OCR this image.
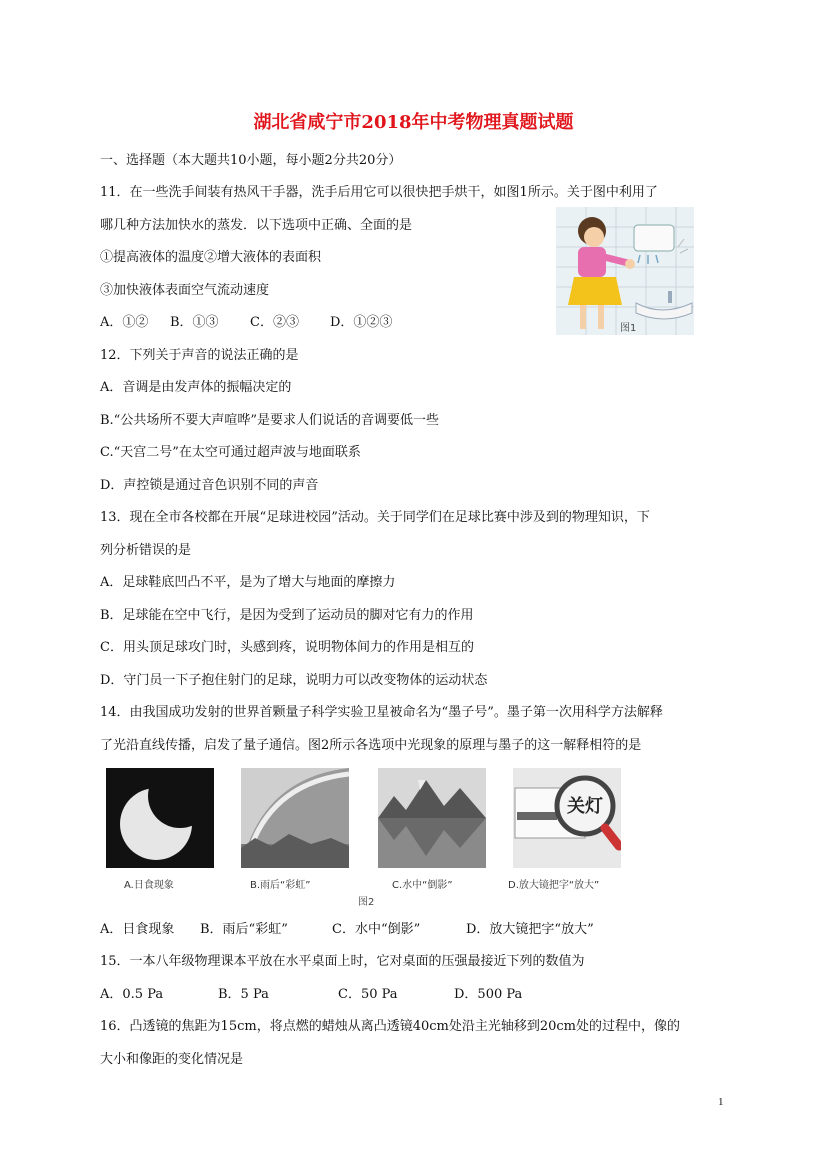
湖北省咸宁市2018年中考物理真题试题
一、选择题（本大题共10小题，每小题2分共20分）
11．在一些洗手间装有热风干手器，洗手后用它可以很快把手烘干，如图1所示。关于图中利用了
哪几种方法加快水的蒸发．以下选项中正确、全面的是
①提高液体的温度②增大液体的表面积
③加快液体表面空气流动速度
A．①② B．①③ C．②③ D．①②③	图1
12．下列关于声音的说法正确的是
A．音调是由发声体的振幅决定的
B.“公共场所不要大声喧哗”是要求人们说话的音调要低一些
C.“天宫二号”在太空可通过超声波与地面联系
D．声控锁是通过音色识别不同的声音
13．现在全市各校都在开展“足球进校园”活动。关于同学们在足球比赛中涉及到的物理知识，下
列分析错误的是
A．足球鞋底凹凸不平，是为了增大与地面的摩擦力
B．足球能在空中飞行，是因为受到了运动员的脚对它有力的作用
C．用头顶足球攻门时，头感到疼，说明物体间力的作用是相互的
D．守门员一下子抱住射门的足球，说明力可以改变物体的运动状态
14．由我国成功发射的世界首颗量子科学实验卫星被命名为“墨子号”。墨子第一次用科学方法解释
了光沿直线传播，启发了量子通信。图2所示各选项中光现象的原理与墨子的这一解释相符的是
关灯
A.日食现象	B.雨后“彩虹”	C.水中“倒影”	D.放大镜把字“放大”
图2
A．日食现象 B．雨后“彩虹”	C．水中“倒影”	D．放大镜把字“放大”
15．一本八年级物理课本平放在水平桌面上时，它对桌面的压强最接近下列的数值为
A．0.5 Pa	B．5 Pa	C．50 Pa	D．500 Pa
16．凸透镜的焦距为15cm，将点燃的蜡烛从离凸透镜40cm处沿主光轴移到20cm处的过程中，像的
大小和像距的变化情况是
1
